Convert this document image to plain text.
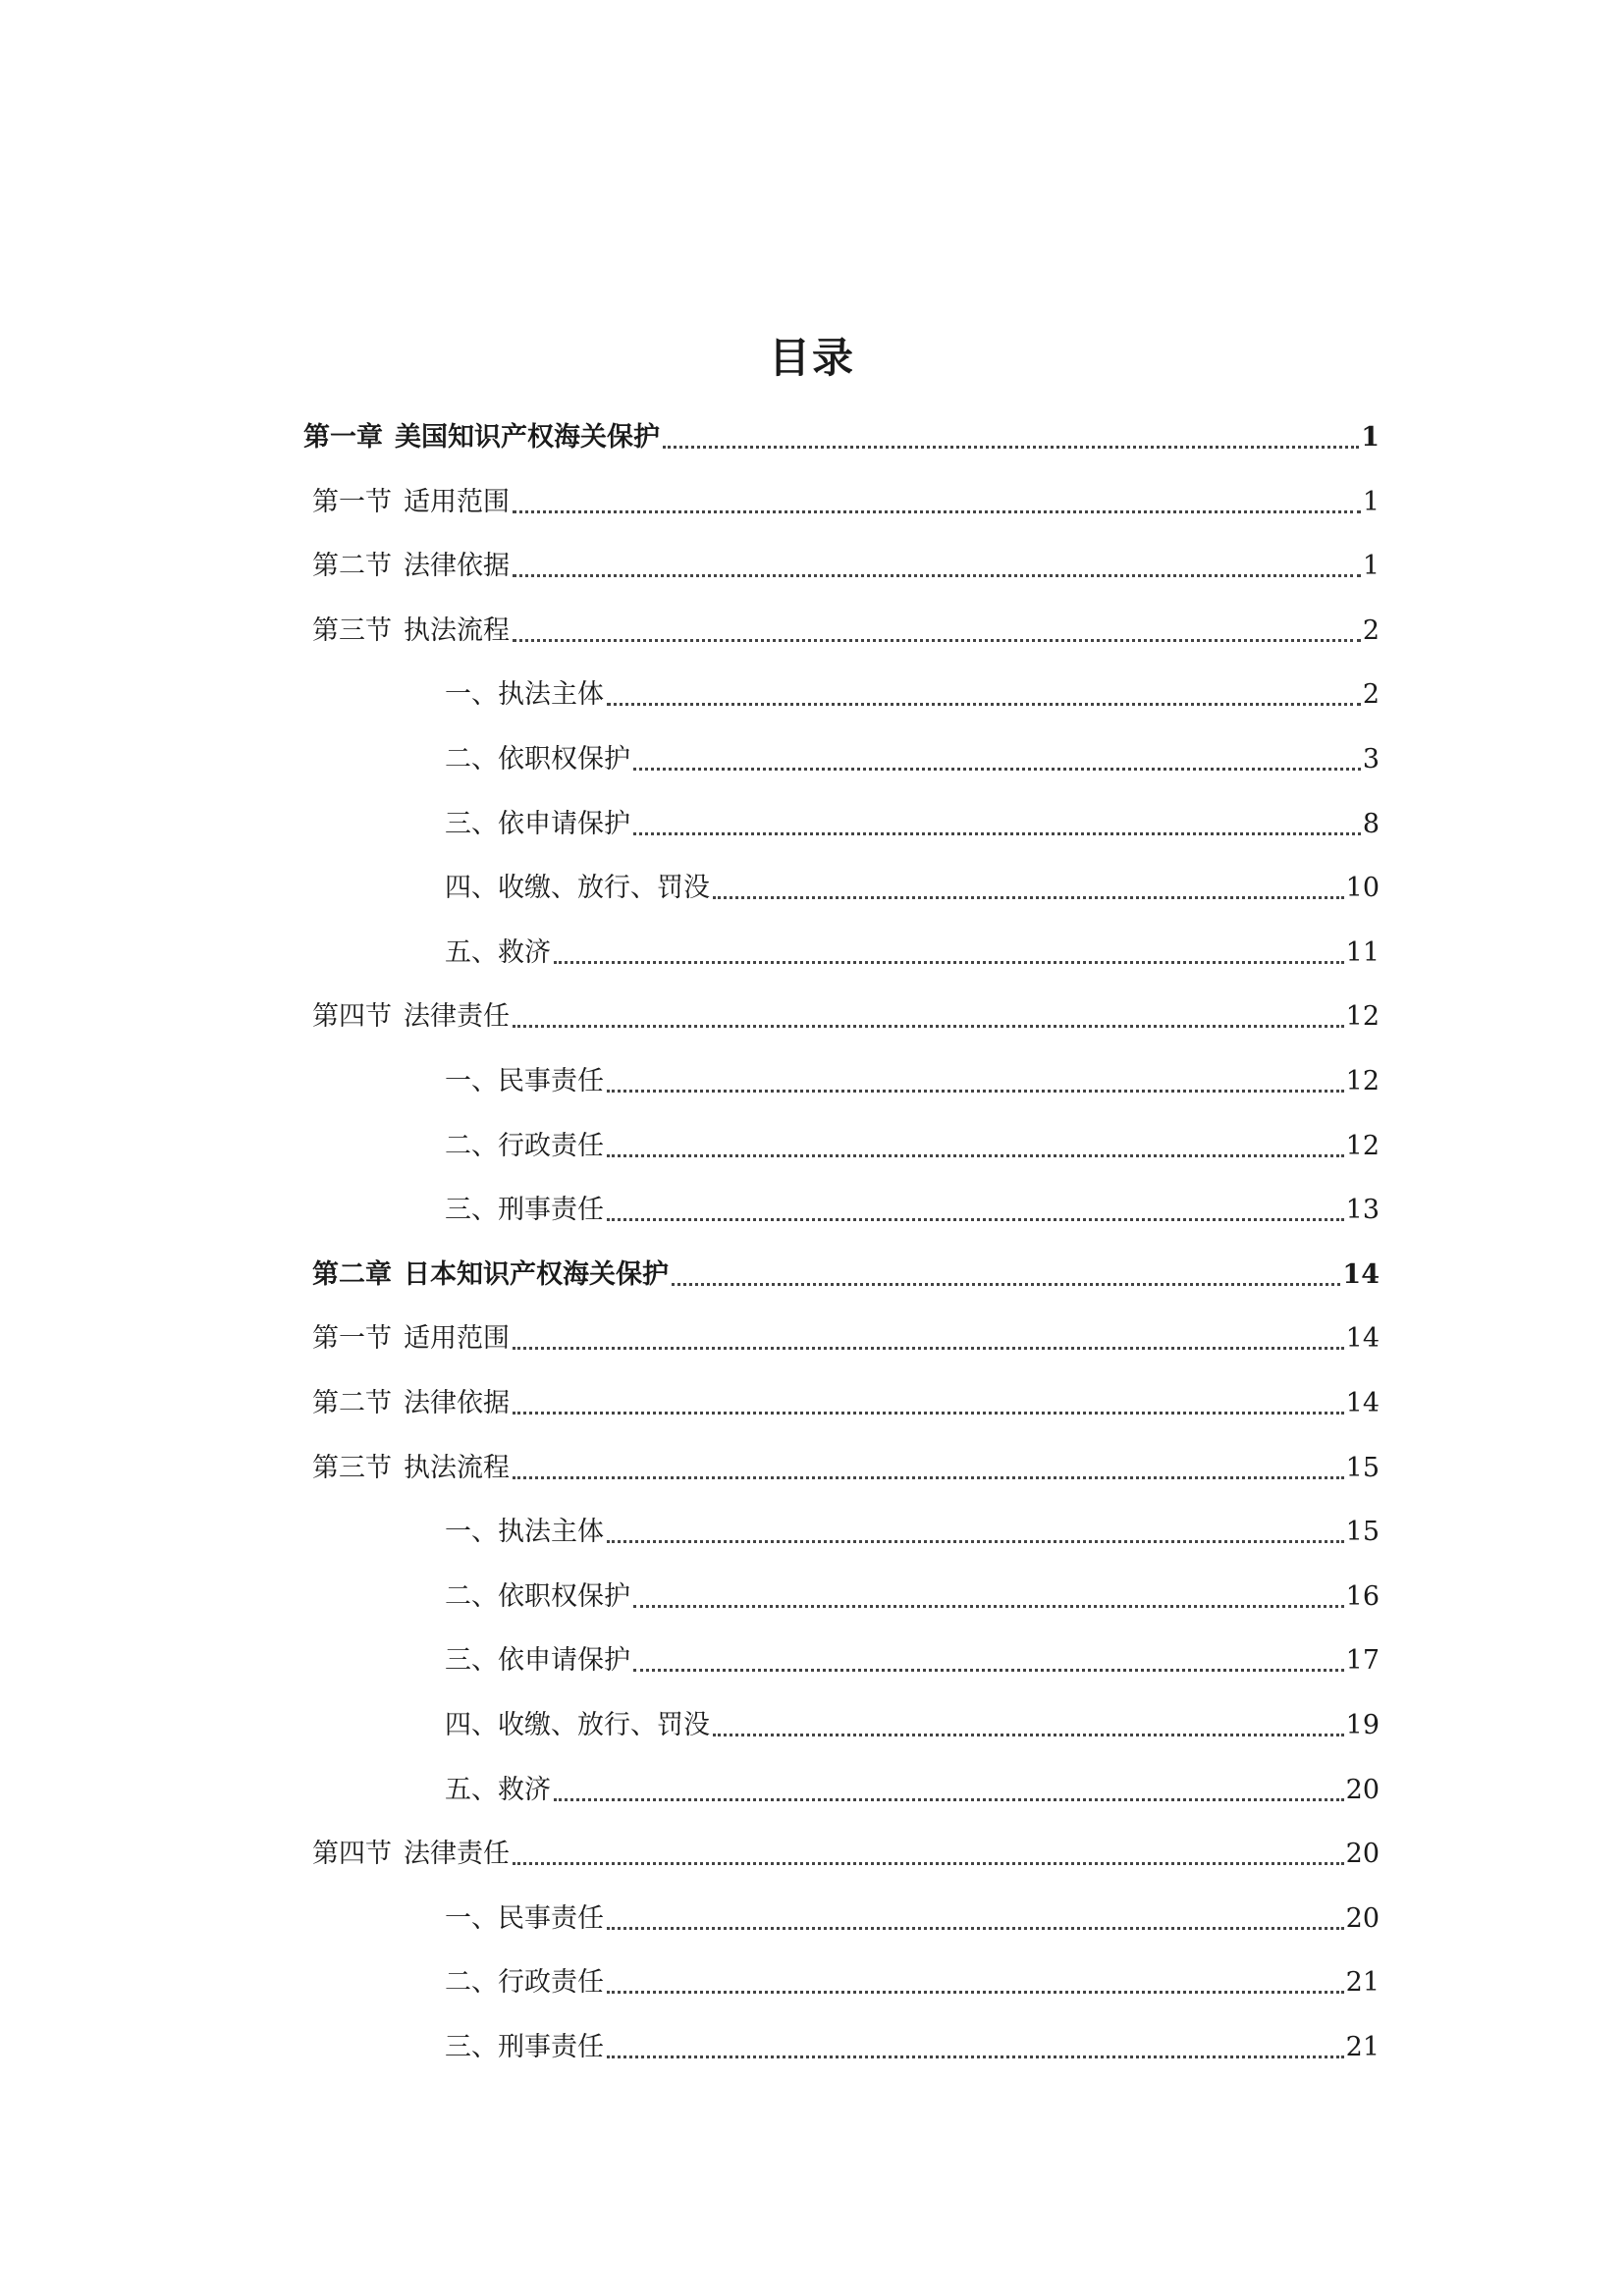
目录
第一章 美国知识产权海关保护	1
第一节 适用范围	1
第二节 法律依据	1
第三节 执法流程	2
一、执法主体	2
二、依职权保护	3
三、依申请保护	8
四、收缴、放行、罚没	10
五、救济	11
第四节 法律责任	12
一、民事责任	12
二、行政责任	12
三、刑事责任	13
第二章 日本知识产权海关保护	14
第一节 适用范围	14
第二节 法律依据	14
第三节 执法流程	15
一、执法主体	15
二、依职权保护	16
三、依申请保护	17
四、收缴、放行、罚没	19
五、救济	20
第四节 法律责任	20
一、民事责任	20
二、行政责任	21
三、刑事责任	21
